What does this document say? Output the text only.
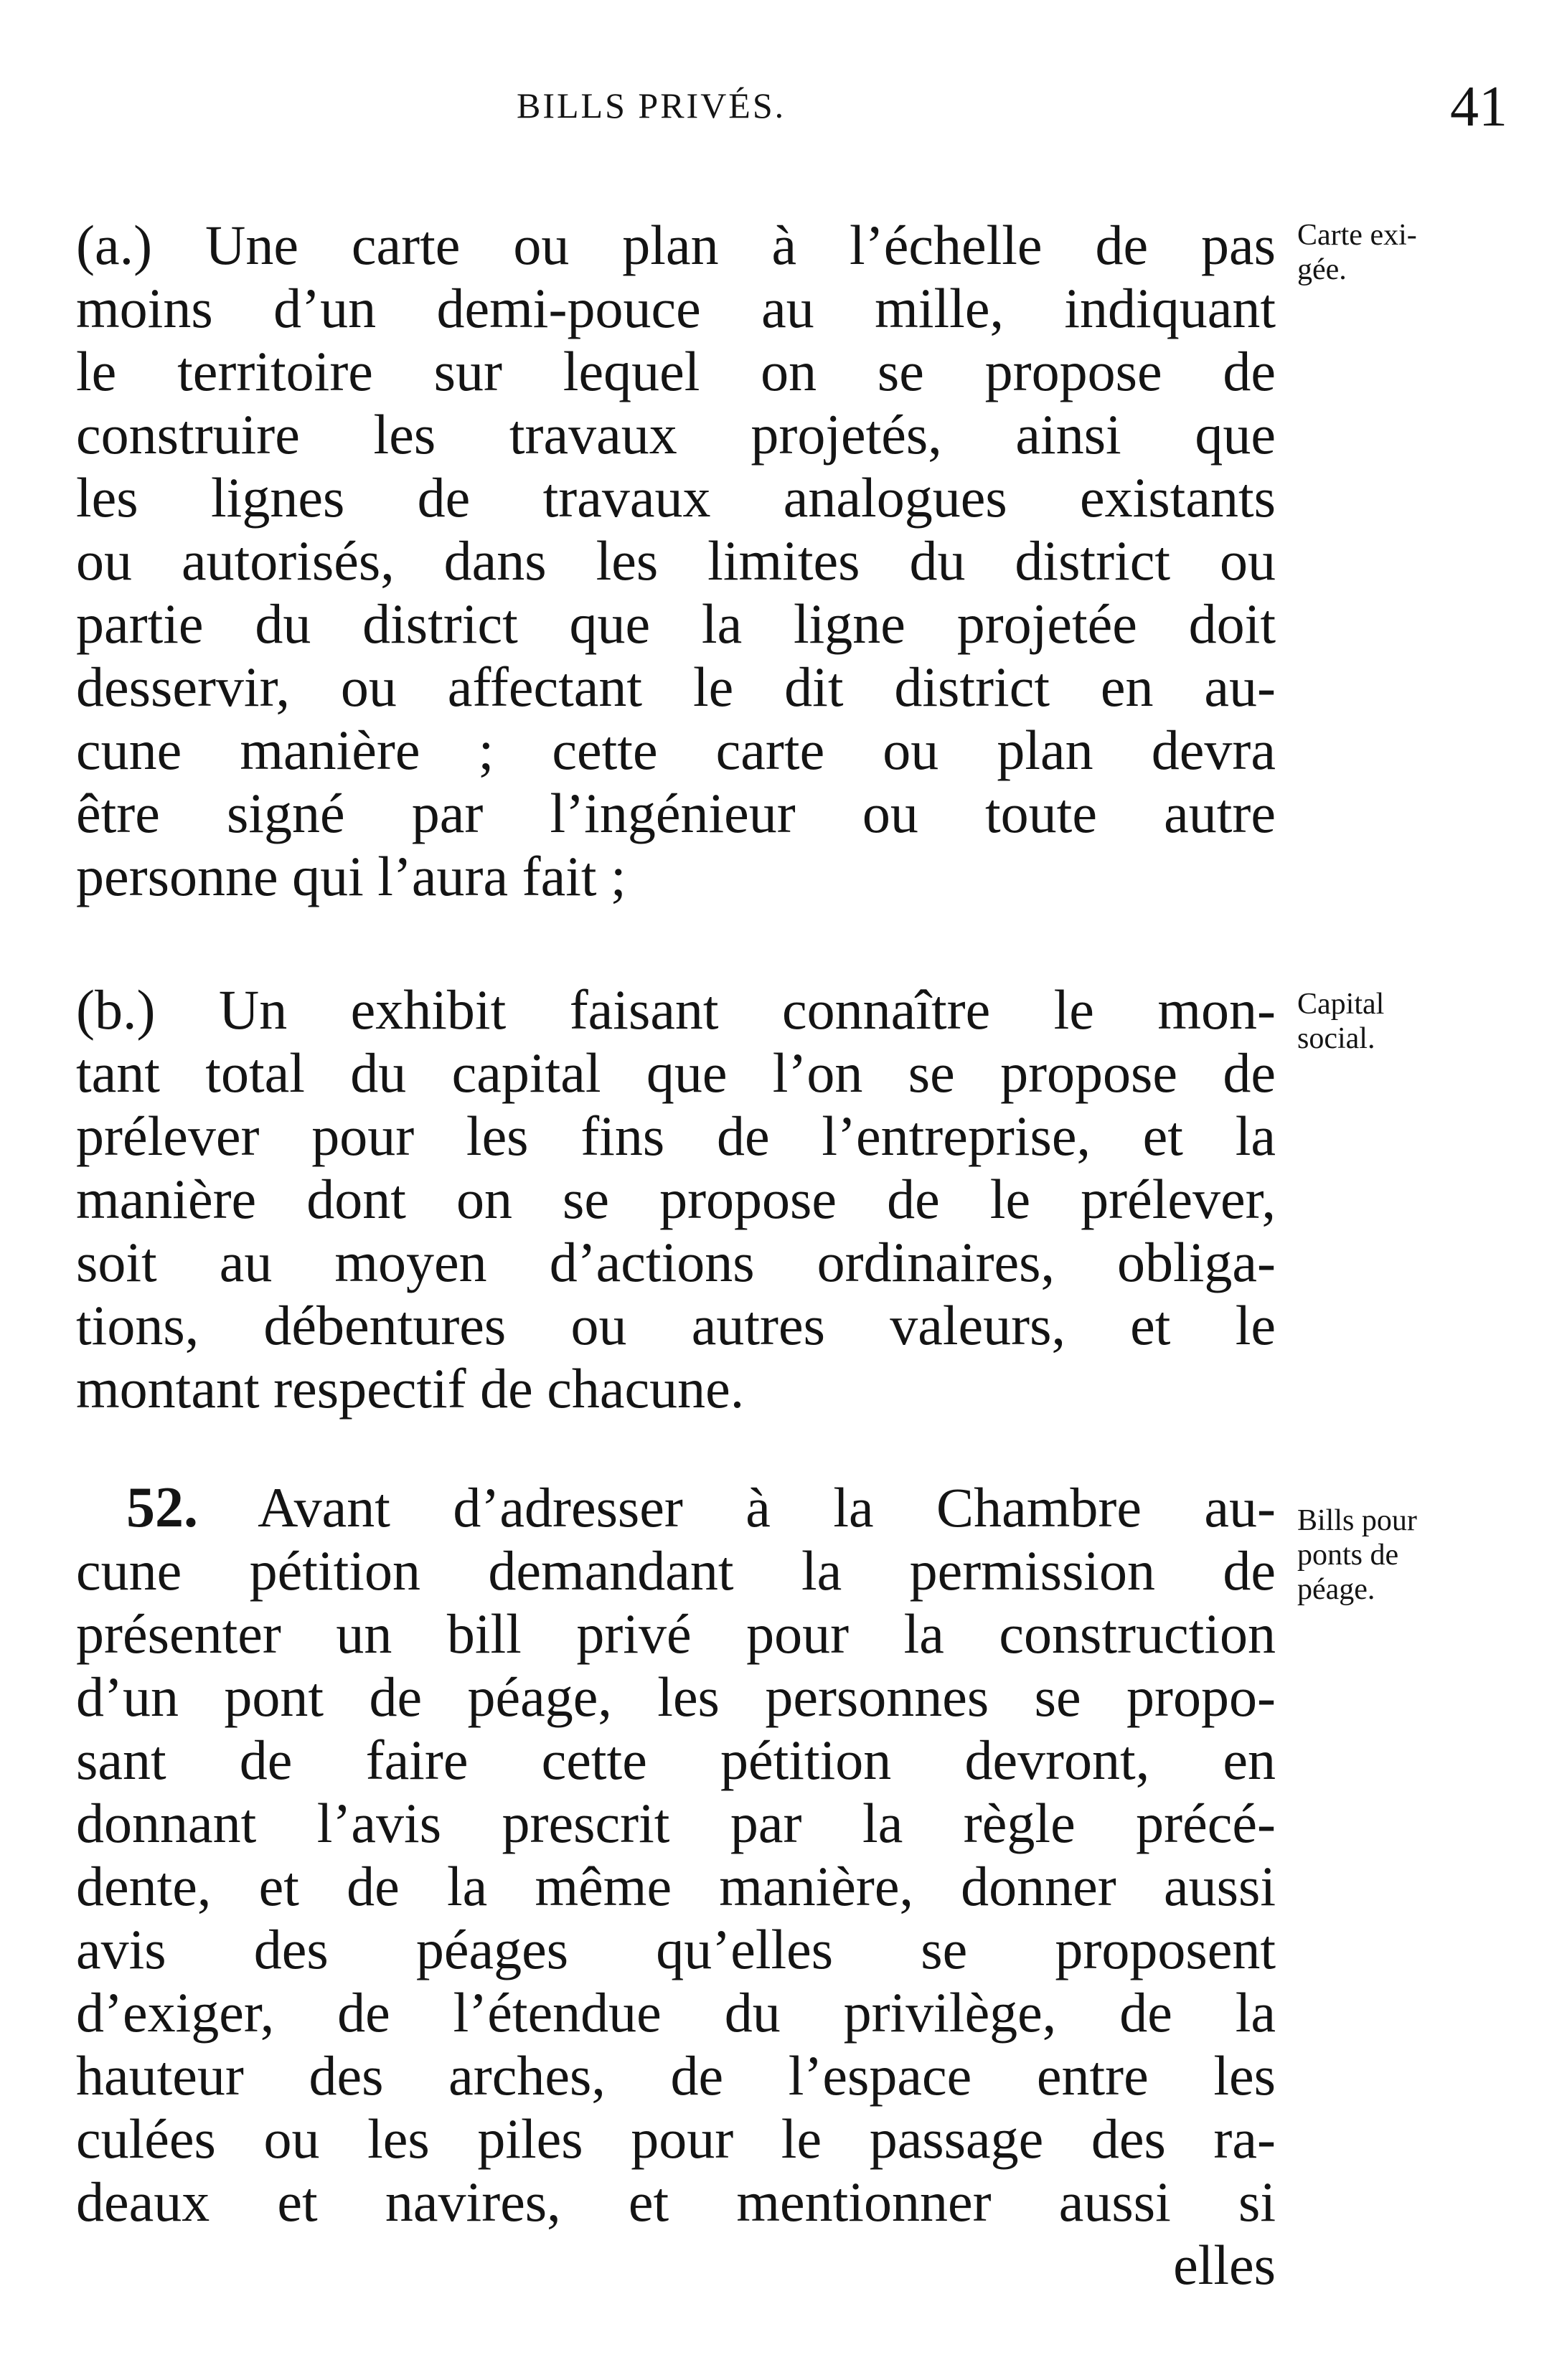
BILLS PRIVÉS.	41
(a.) Une carte ou plan à l’échelle de pas
moins d’un demi-pouce au mille, indiquant
le territoire sur lequel on se propose de
construire les travaux projetés, ainsi que
les lignes de travaux analogues existants
ou autorisés, dans les limites du district ou
partie du district que la ligne projetée doit
desservir, ou affectant le dit district en au-
cune manière ; cette carte ou plan devra
être signé par l’ingénieur ou toute autre
personne qui l’aura fait ;
Carte exi-
gée.
(b.) Un exhibit faisant connaître le mon-
tant total du capital que l’on se propose de
prélever pour les fins de l’entreprise, et la
manière dont on se propose de le prélever,
soit au moyen d’actions ordinaires, obliga-
tions, débentures ou autres valeurs, et le
montant respectif de chacune.
Capital
social.
52. Avant d’adresser à la Chambre au-
cune pétition demandant la permission de
présenter un bill privé pour la construction
d’un pont de péage, les personnes se propo-
sant de faire cette pétition devront, en
donnant l’avis prescrit par la règle précé-
dente, et de la même manière, donner aussi
avis des péages qu’elles se proposent
d’exiger, de l’étendue du privilège, de la
hauteur des arches, de l’espace entre les
culées ou les piles pour le passage des ra-
deaux et navires, et mentionner aussi si
elles
Bills pour
ponts de
péage.
